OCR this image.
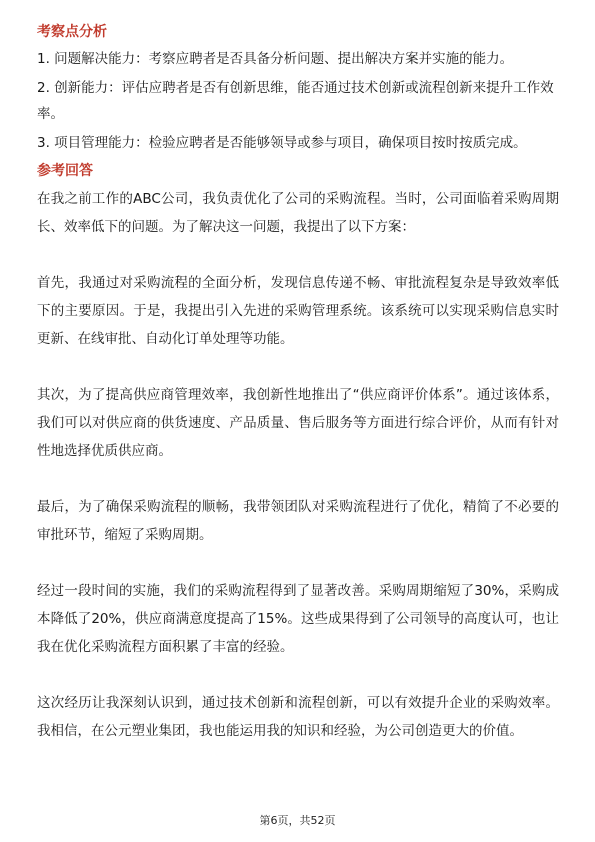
考察点分析
1. 问题解决能力：考察应聘者是否具备分析问题、提出解决方案并实施的能力。
2. 创新能力：评估应聘者是否有创新思维，能否通过技术创新或流程创新来提升工作效率。
3. 项目管理能力：检验应聘者是否能够领导或参与项目，确保项目按时按质完成。
参考回答

在我之前工作的ABC公司，我负责优化了公司的采购流程。当时，公司面临着采购周期长、效率低下的问题。为了解决这一问题，我提出了以下方案：

首先，我通过对采购流程的全面分析，发现信息传递不畅、审批流程复杂是导致效率低下的主要原因。于是，我提出引入先进的采购管理系统。该系统可以实现采购信息实时更新、在线审批、自动化订单处理等功能。

其次，为了提高供应商管理效率，我创新性地推出了“供应商评价体系”。通过该体系，我们可以对供应商的供货速度、产品质量、售后服务等方面进行综合评价，从而有针对性地选择优质供应商。

最后，为了确保采购流程的顺畅，我带领团队对采购流程进行了优化，精简了不必要的审批环节，缩短了采购周期。

经过一段时间的实施，我们的采购流程得到了显著改善。采购周期缩短了30%，采购成本降低了20%，供应商满意度提高了15%。这些成果得到了公司领导的高度认可，也让我在优化采购流程方面积累了丰富的经验。

这次经历让我深刻认识到，通过技术创新和流程创新，可以有效提升企业的采购效率。我相信，在公元塑业集团，我也能运用我的知识和经验，为公司创造更大的价值。

第6页，共52页
